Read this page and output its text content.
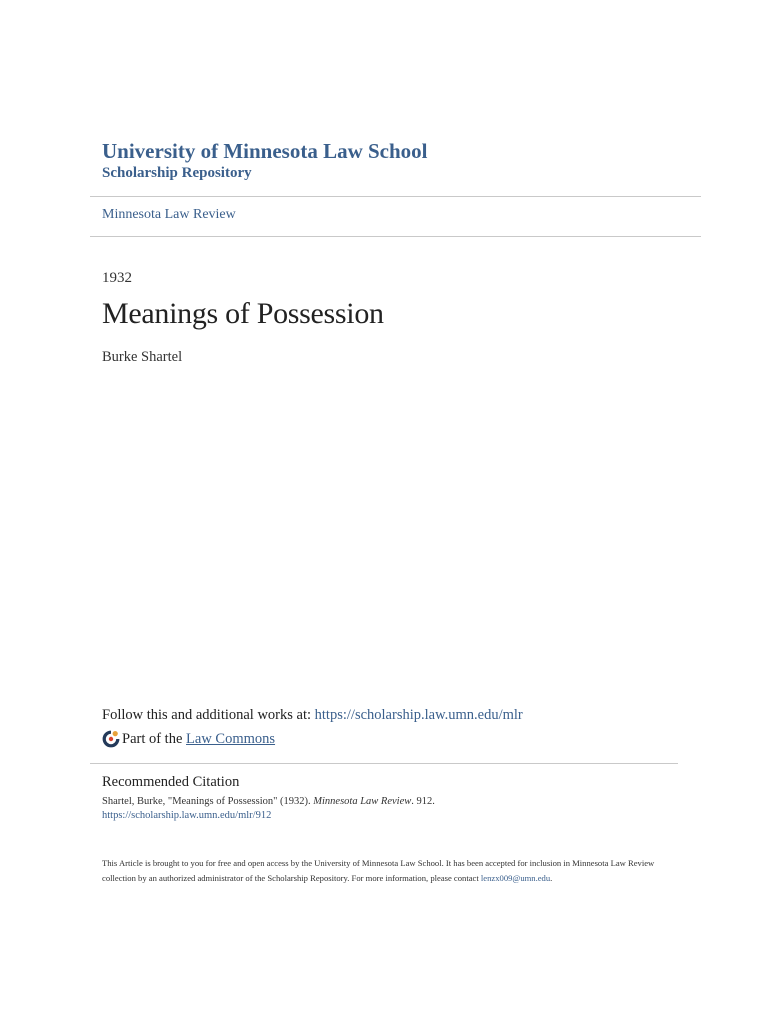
University of Minnesota Law School
Scholarship Repository
Minnesota Law Review
1932
Meanings of Possession
Burke Shartel
Follow this and additional works at: https://scholarship.law.umn.edu/mlr
Part of the
Law Commons
Recommended Citation
Shartel, Burke, "Meanings of Possession" (1932). Minnesota Law Review. 912.
https://scholarship.law.umn.edu/mlr/912
This Article is brought to you for free and open access by the University of Minnesota Law School. It has been accepted for inclusion in Minnesota Law Review collection by an authorized administrator of the Scholarship Repository. For more information, please contact lenzx009@umn.edu.
